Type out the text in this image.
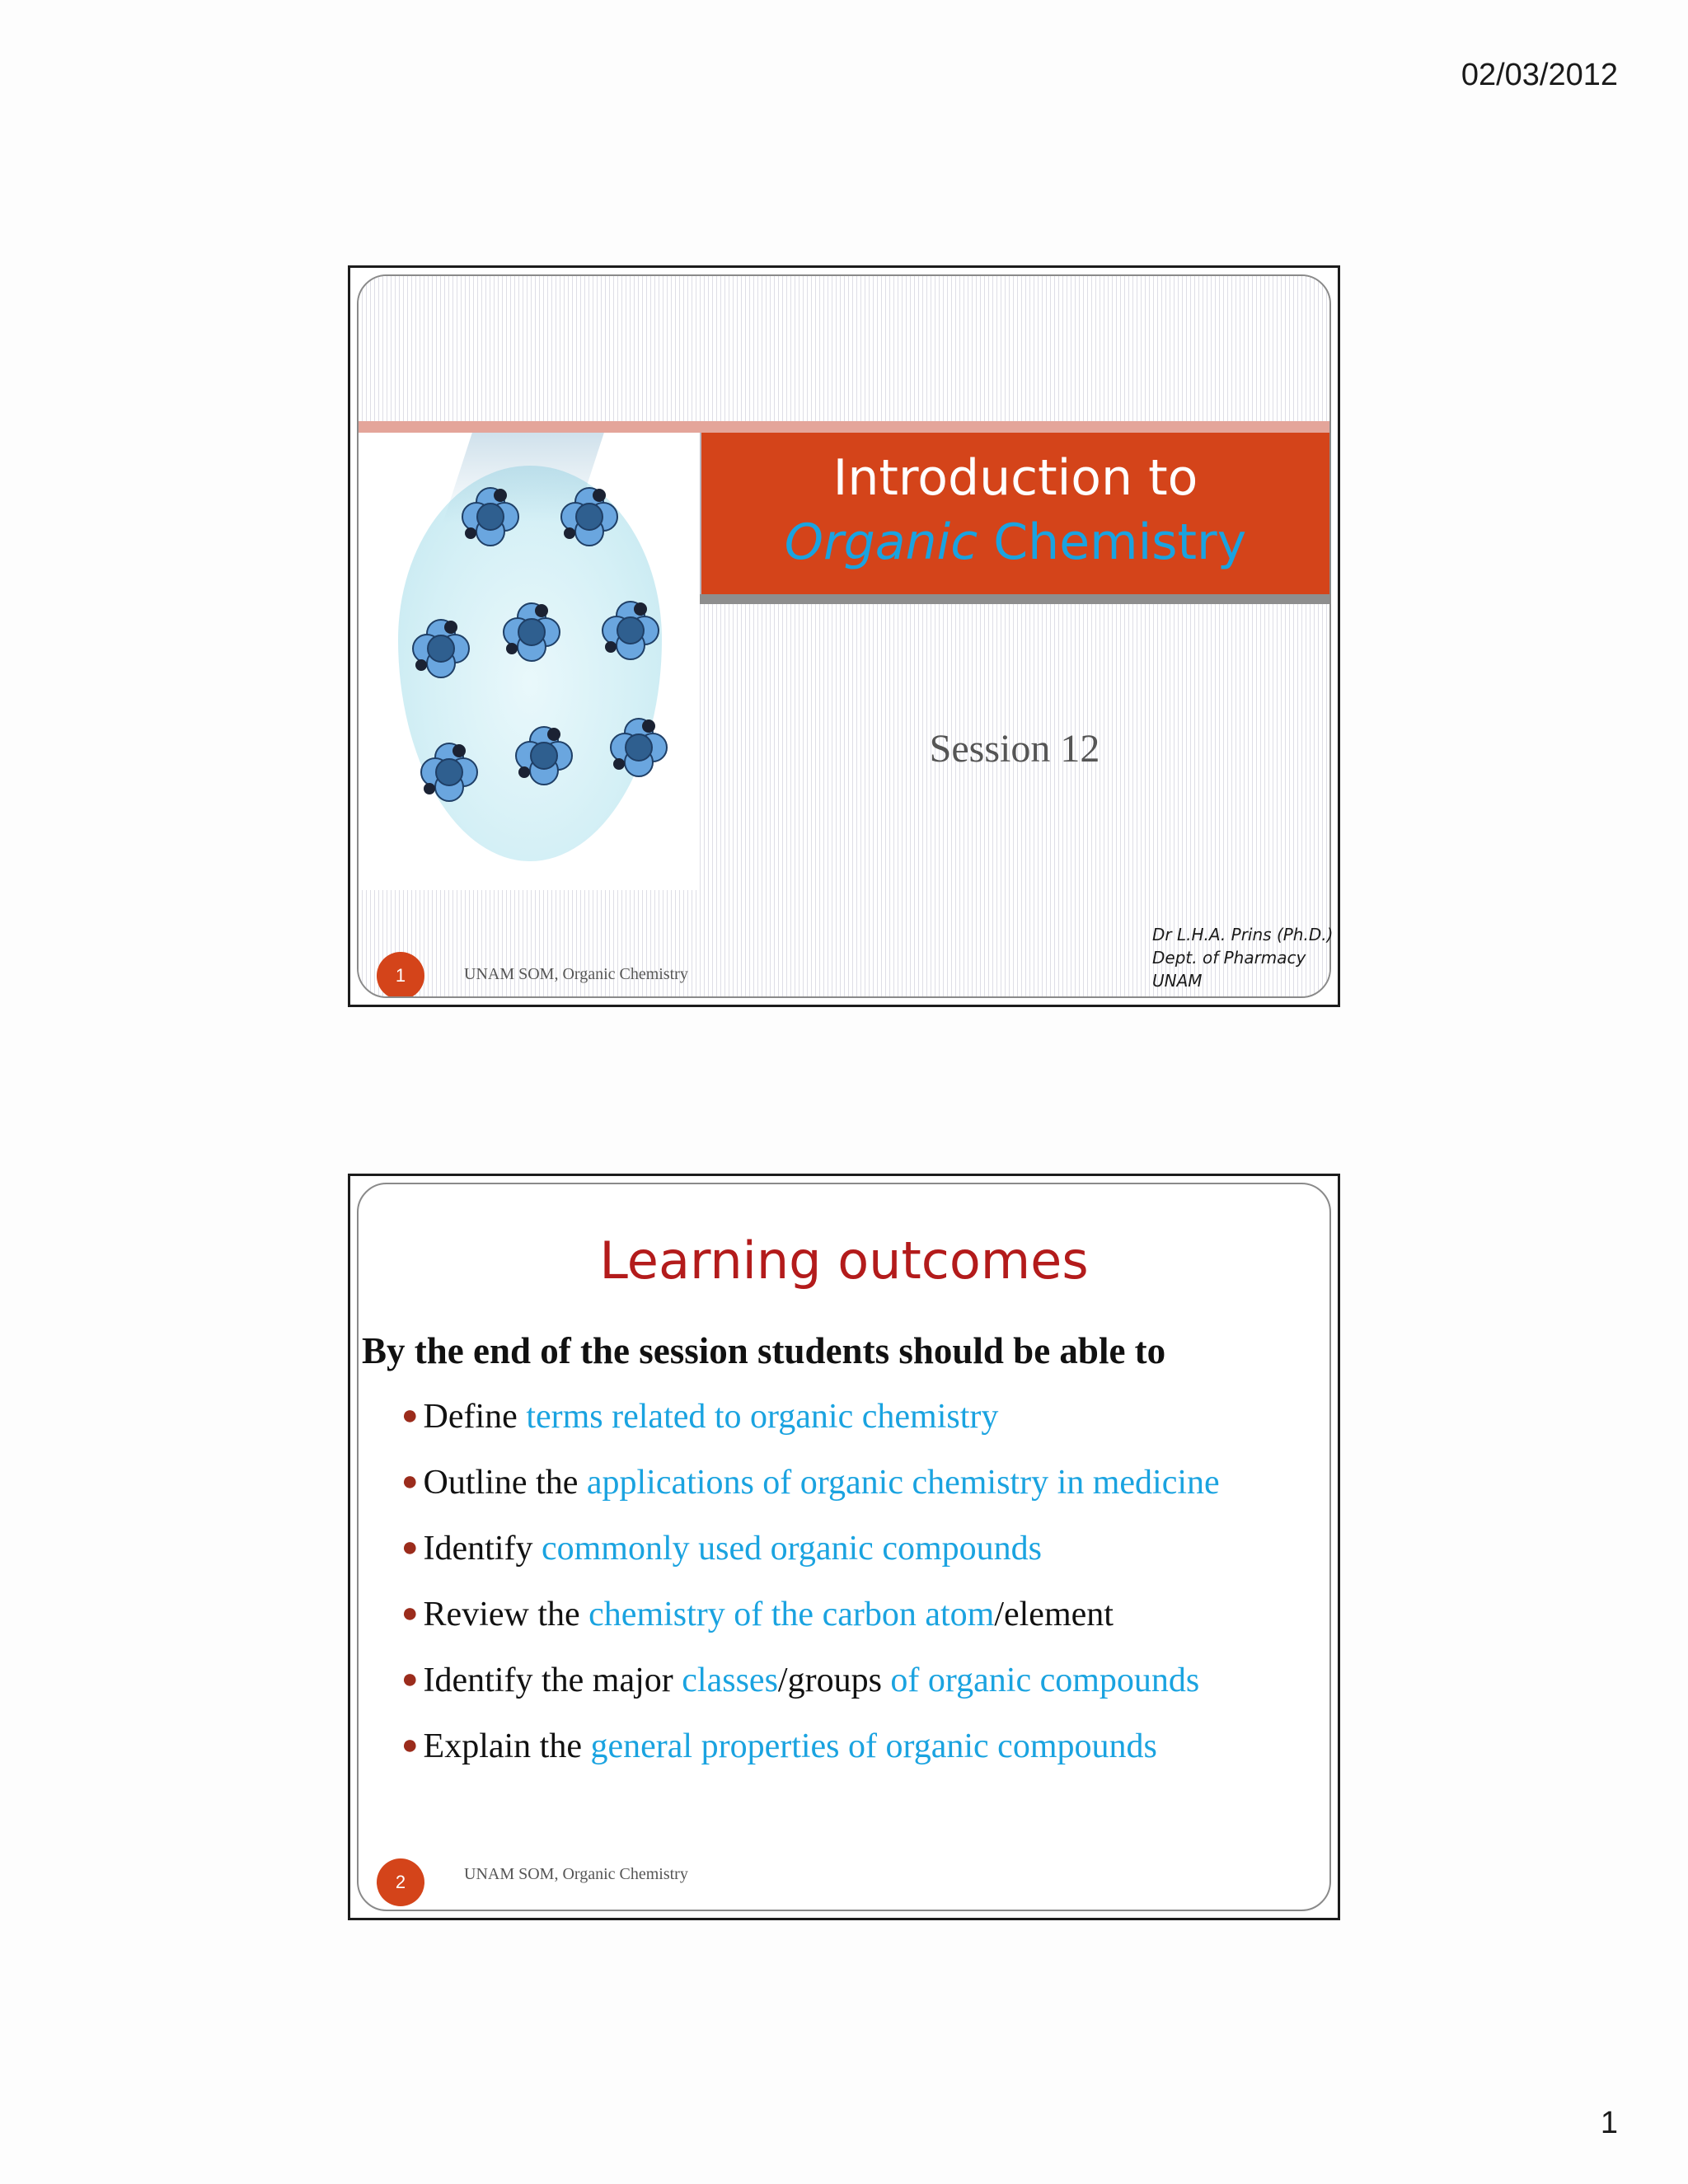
02/03/2012
Introduction to
Organic Chemistry
Session 12
1	UNAM SOM, Organic Chemistry
Dr L.H.A. Prins (Ph.D.)
Dept. of Pharmacy
UNAM
Learning outcomes
By the end of the session students should be able to
● Define terms related to organic chemistry
● Outline the applications of organic chemistry in medicine
● Identify commonly used organic compounds
● Review the chemistry of the carbon atom/element
● Identify the major classes/groups of organic compounds
● Explain the general properties of organic compounds
2	UNAM SOM, Organic Chemistry
1
